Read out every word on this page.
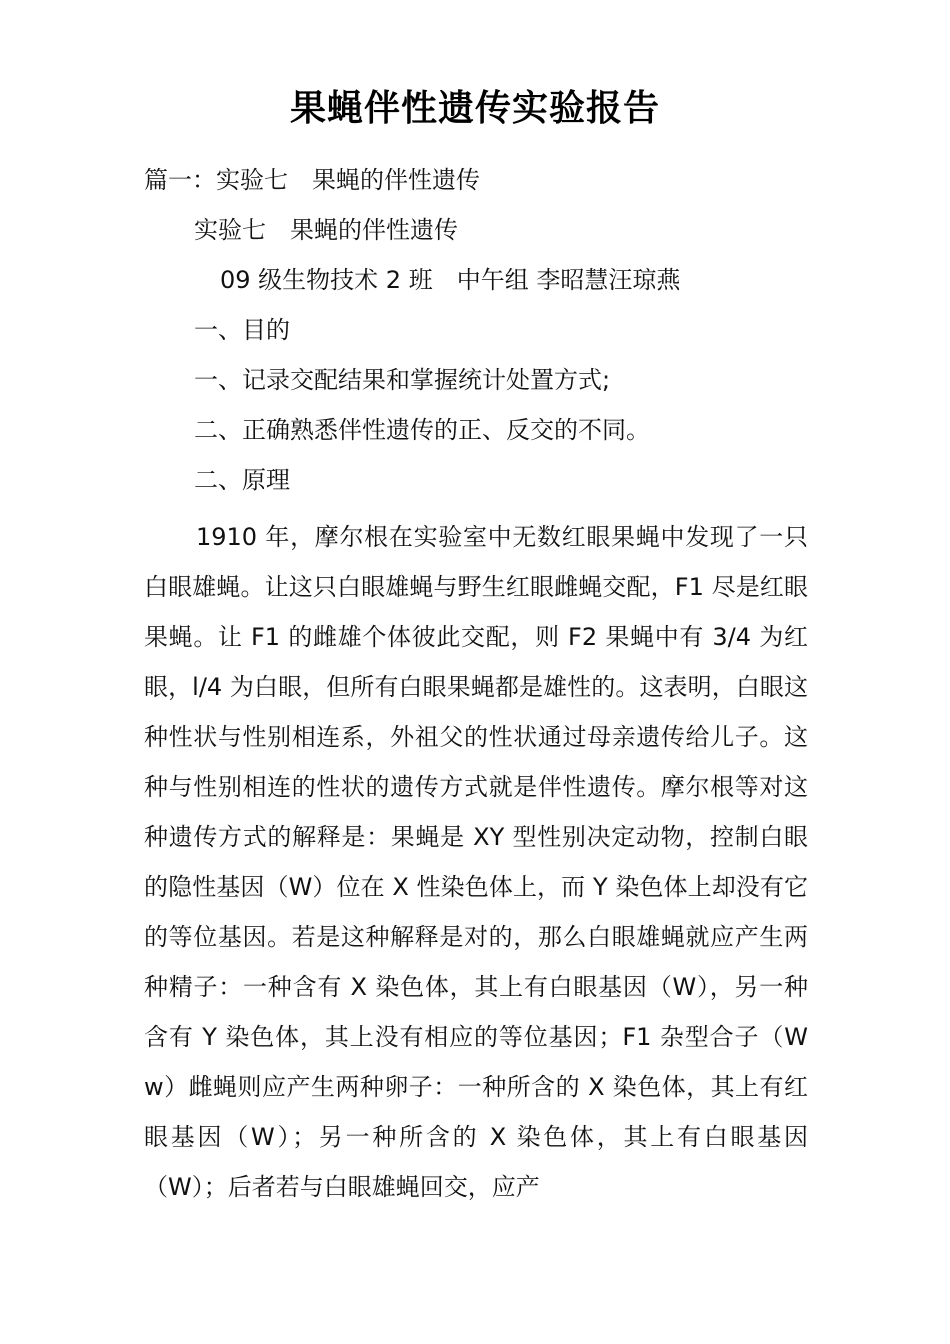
果蝇伴性遗传实验报告
篇一：实验七　果蝇的伴性遗传
实验七　果蝇的伴性遗传
09 级生物技术 2 班　中午组 李昭慧汪琼燕
一、目的
一、记录交配结果和掌握统计处置方式;
二、正确熟悉伴性遗传的正、反交的不同。
二、原理
1910 年，摩尔根在实验室中无数红眼果蝇中发现了一只白眼雄蝇。让这只白眼雄蝇与野生红眼雌蝇交配，F1 尽是红眼果蝇。让 F1 的雌雄个体彼此交配，则 F2 果蝇中有 3/4 为红眼，l/4 为白眼，但所有白眼果蝇都是雄性的。这表明，白眼这种性状与性别相连系，外祖父的性状通过母亲遗传给儿子。这种与性别相连的性状的遗传方式就是伴性遗传。摩尔根等对这种遗传方式的解释是：果蝇是 XY 型性别决定动物，控制白眼的隐性基因（W）位在 X 性染色体上，而 Y 染色体上却没有它的等位基因。若是这种解释是对的，那么白眼雄蝇就应产生两种精子：一种含有 X 染色体，其上有白眼基因（W），另一种含有 Y 染色体，其上没有相应的等位基因；F1 杂型合子（Ww）雌蝇则应产生两种卵子：一种所含的 X 染色体，其上有红眼基因（W）；另一种所含的 X 染色体，其上有白眼基因（W）；后者若与白眼雄蝇回交，应产
